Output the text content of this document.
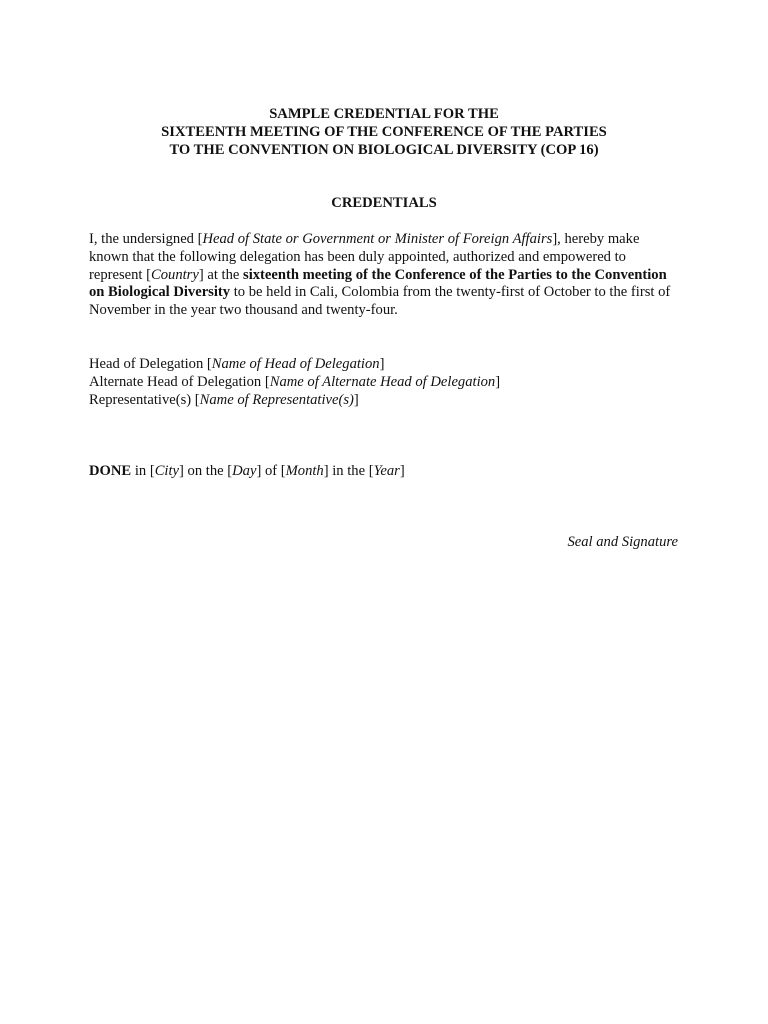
SAMPLE CREDENTIAL FOR THE
SIXTEENTH MEETING OF THE CONFERENCE OF THE PARTIES
TO THE CONVENTION ON BIOLOGICAL DIVERSITY (COP 16)
CREDENTIALS
I, the undersigned [Head of State or Government or Minister of Foreign Affairs], hereby make known that the following delegation has been duly appointed, authorized and empowered to represent [Country] at the sixteenth meeting of the Conference of the Parties to the Convention on Biological Diversity to be held in Cali, Colombia from the twenty-first of October to the first of November in the year two thousand and twenty-four.
Head of Delegation [Name of Head of Delegation]
Alternate Head of Delegation [Name of Alternate Head of Delegation]
Representative(s) [Name of Representative(s)]
DONE in [City] on the [Day] of [Month] in the [Year]
Seal and Signature
